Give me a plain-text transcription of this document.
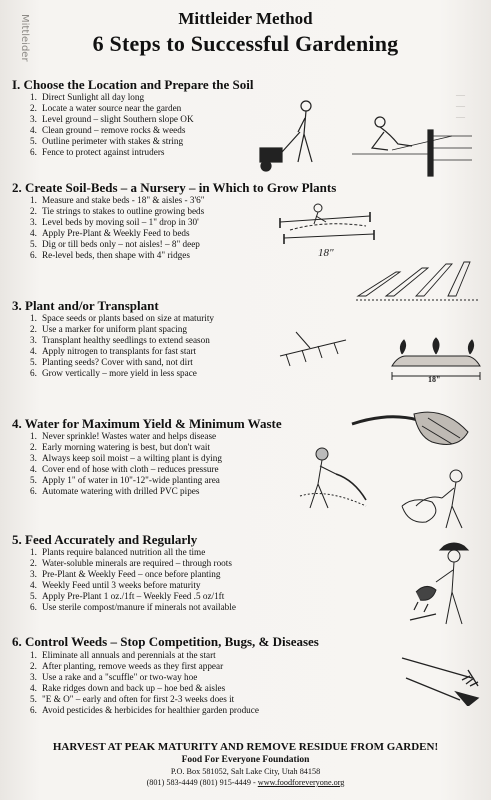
―
―
―
Mittleider	Mittleider Method
6 Steps to Successful Gardening
I. Choose the Location and Prepare the Soil
1. Direct Sunlight all day long
2. Locate a water source near the garden
3. Level ground – slight Southern slope OK
4. Clean ground – remove rocks & weeds
5. Outline perimeter with stakes & string
6. Fence to protect against intruders
2. Create Soil-Beds – a Nursery – in Which to Grow Plants
1. Measure and stake beds - 18" & aisles - 3'6"
2. Tie strings to stakes to outline growing beds
3. Level beds by moving soil – 1" drop in 30'
4. Apply Pre-Plant & Weekly Feed to beds
5. Dig or till beds only – not aisles! – 8" deep
6. Re-level beds, then shape with 4" ridges	18"
3. Plant and/or Transplant
1. Space seeds or plants based on size at maturity
2. Use a marker for uniform plant spacing
3. Transplant healthy seedlings to extend season
4. Apply nitrogen to transplants for fast start
5. Planting seeds? Cover with sand, not dirt
6. Grow vertically – more yield in less space
18"
4. Water for Maximum Yield & Minimum Waste
1. Never sprinkle! Wastes water and helps disease
2. Early morning watering is best, but don't wait
3. Always keep soil moist – a wilting plant is dying
4. Cover end of hose with cloth – reduces pressure
5. Apply 1" of water in 10"-12"-wide planting area
6. Automate watering with drilled PVC pipes
5. Feed Accurately and Regularly
1. Plants require balanced nutrition all the time
2. Water-soluble minerals are required – through roots
3. Pre-Plant & Weekly Feed – once before planting
4. Weekly Feed until 3 weeks before maturity
5. Apply Pre-Plant 1 oz./1ft – Weekly Feed .5 oz/1ft
6. Use sterile compost/manure if minerals not available
6. Control Weeds – Stop Competition, Bugs, & Diseases
1. Eliminate all annuals and perennials at the start
2. After planting, remove weeds as they first appear
3. Use a rake and a "scuffle" or two-way hoe
4. Rake ridges down and back up – hoe bed & aisles
5. "E & O" – early and often for first 2-3 weeks does it
6. Avoid pesticides & herbicides for healthier garden produce
HARVEST AT PEAK MATURITY AND REMOVE RESIDUE FROM GARDEN!
Food For Everyone Foundation
P.O. Box 581052, Salt Lake City, Utah 84158
(801) 583-4449 (801) 915-4449 - www.foodforeveryone.org
